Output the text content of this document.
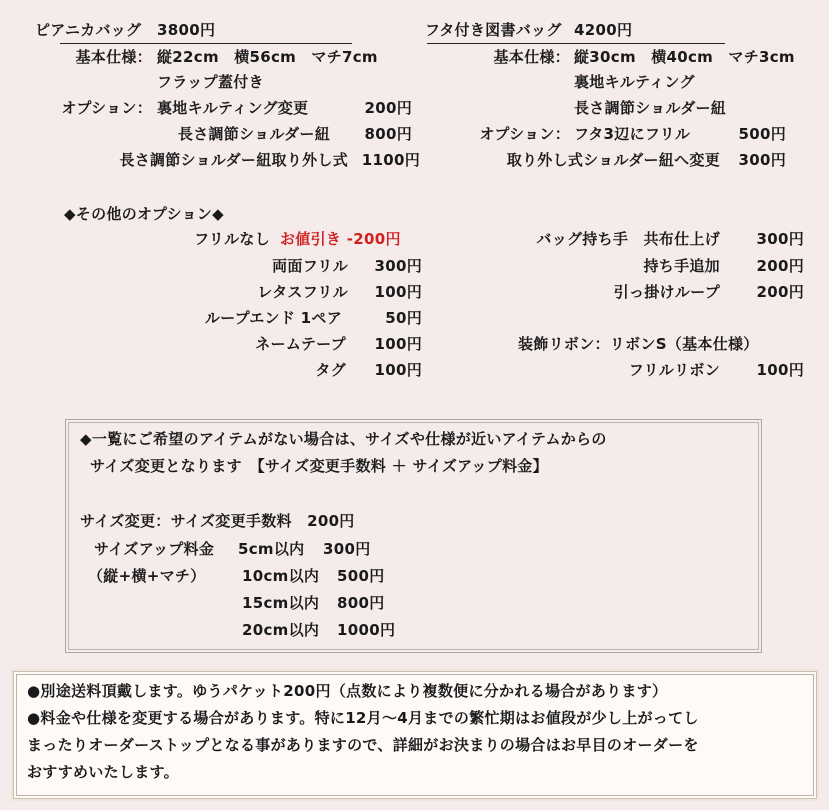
ピアニカバッグ 3800円
基本仕様： 縦22cm　横56cm　マチ7cm
フラップ蓋付き
オプション： 裏地キルティング変更	200円
長さ調節ショルダー紐	800円
長さ調節ショルダー紐取り外し式 1100円
フタ付き図書バッグ 4200円
基本仕様： 縦30cm　横40cm　マチ3cm
裏地キルティング
長さ調節ショルダー紐
オプション： フタ3辺にフリル	500円
取り外し式ショルダー紐へ変更	300円
◆その他のオプション◆
フリルなし お値引き -200円
両面フリル	300円
レタスフリル	100円
ループエンド 1ペア	50円
ネームテープ	100円
タグ	100円
バッグ持ち手　共布仕上げ	300円
持ち手追加	200円
引っ掛けループ	200円
装飾リボン：リボンS（基本仕様）
フリルリボン	100円
◆一覧にご希望のアイテムがない場合は、サイズや仕様が近いアイテムからの
サイズ変更となります　【サイズ変更手数料 ＋ サイズアップ料金】
サイズ変更：サイズ変更手数料　200円
サイズアップ料金
（縦+横+マチ）
5cm以内 300円
10cm以内 500円
15cm以内 800円
20cm以内 1000円
●別途送料頂戴します。ゆうパケット200円（点数により複数便に分かれる場合があります）
●料金や仕様を変更する場合があります。特に12月～4月までの繁忙期はお値段が少し上がってし
まったりオーダーストップとなる事がありますので、詳細がお決まりの場合はお早目のオーダーを
おすすめいたします。
